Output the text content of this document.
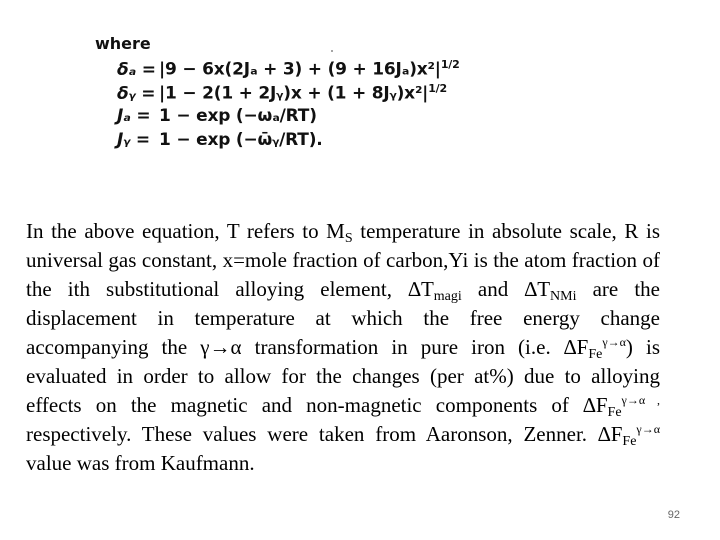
where
$\delta_a = |9 - 6x(2J_a + 3) + (9 + 16J_a)x^2|^{1/2}$
δᵧ = |1 − 2(1 + 2Jᵧ)x + $(1 + 8Jᵧ)x^2|^{1/2}$
Jₐ = 1 − exp (−ωₐ/RT)
Jᵧ = 1 − exp (−ω̄ᵧ/RT).

In the above equation, T refers to $M_S$ temperature in absolute scale, R is universal gas constant, x=mole fraction of carbon,Yi is the atom fraction of the ith substitutional alloying element, $\Delta T_{magi}$ and $\Delta T_{NMi}$ are the displacement in temperature at which the free energy change accompanying the γ→α transformation in pure iron (i.e. $\Delta F_{Fe}^{\gamma\to\alpha}$) is evaluated in order to allow for the changes (per at%) due to alloying effects on the magnetic and non-magnetic components of $\Delta F_{Fe}^{\gamma\to\alpha ,}$ respectively. These values were taken from Aaronson, Zenner. $\Delta F_{Fe}^{\gamma\to\alpha}$ value was from Kaufmann.

92
